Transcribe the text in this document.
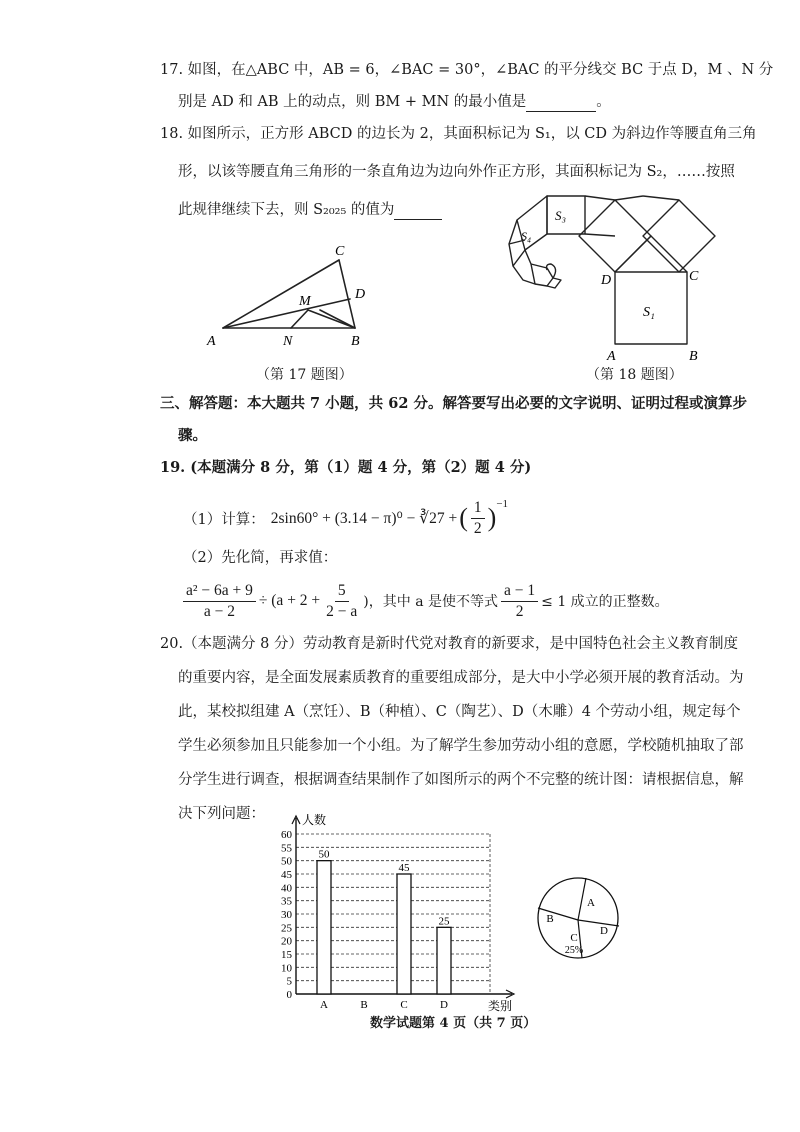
17. 如图，在△ABC 中，AB = 6，∠BAC = 30°，∠BAC 的平分线交 BC 于点 D，M 、N 分
别是 AD 和 AB 上的动点，则 BM + MN 的最小值是	。
18. 如图所示，正方形 ABCD 的边长为 2，其面积标记为 S₁，以 CD 为斜边作等腰直角三角
形，以该等腰直角三角形的一条直角边为边向外作正方形，其面积标记为 S₂，……按照
此规律继续下去，则 S₂₀₂₅ 的值为
A	B
C
D
M
N
（第 17 题图）
A	B
C
D
S₁
S₃
S₄
（第 18 题图）
三、解答题：本大题共 7 小题，共 62 分。解答要写出必要的文字说明、证明过程或演算步
骤。
19. (本题满分 8 分，第（1）题 4 分，第（2）题 4 分)
（1）计算： 2sin60° + (3.14 − π)⁰ − ∛27 + ( $\frac{1}{2} )^{-1}$
（2）先化简，再求值：
$\frac{\text{a² − 6a + 9}}{a - 2} \div (a + 2 + \frac{5}{2 - a}$ )，其中 a 是使不等式 $\frac{a - 1}{2} \le 1$ 成立的正整数。
20.（本题满分 8 分）劳动教育是新时代党对教育的新要求，是中国特色社会主义教育制度
的重要内容，是全面发展素质教育的重要组成部分，是大中小学必须开展的教育活动。为
此，某校拟组建 A（烹饪）、B（种植）、C（陶艺）、D（木雕）4 个劳动小组，规定每个
学生必须参加且只能参加一个小组。为了解学生参加劳动小组的意愿，学校随机抽取了部
分学生进行调查，根据调查结果制作了如图所示的两个不完整的统计图：请根据信息，解
决下列问题：
0
5
10
15
20
25
30
35
40
45
50
55
60
人数
类别
A
50
B	C
45
D
25
A
B
C
D
25%
数学试题第 4 页（共 7 页）
